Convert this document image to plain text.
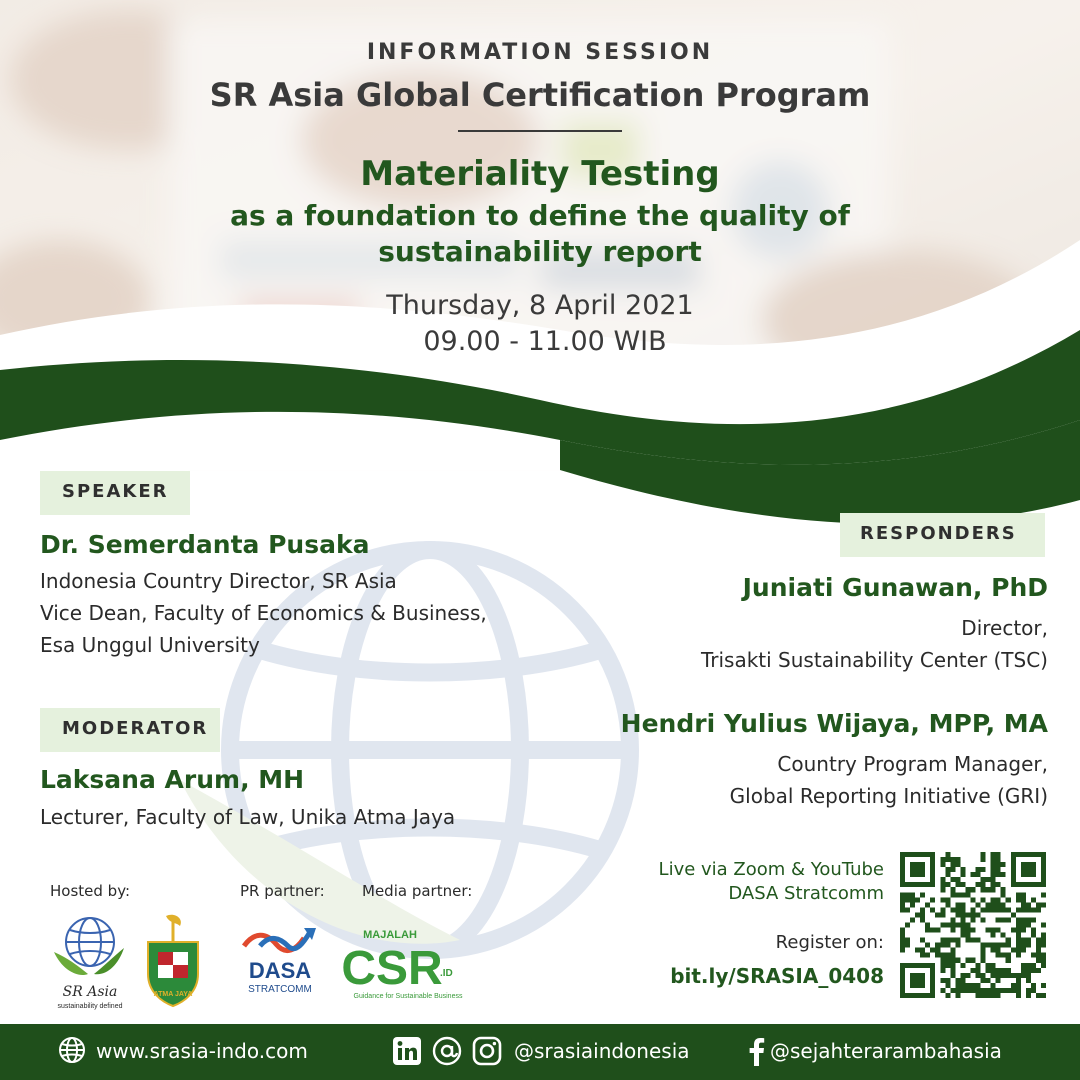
INFORMATION SESSION
SR Asia Global Certification Program
Materiality Testing
as a foundation to define the quality of
sustainability report
Thursday, 8 April 2021
09.00 - 11.00 WIB
SPEAKER
Dr. Semerdanta Pusaka
Indonesia Country Director, SR Asia
Vice Dean, Faculty of Economics & Business,
Esa Unggul University
MODERATOR
Laksana Arum, MH
Lecturer, Faculty of Law, Unika Atma Jaya
RESPONDERS
Juniati Gunawan, PhD
Director,
Trisakti Sustainability Center (TSC)
Hendri Yulius Wijaya, MPP, MA
Country Program Manager,
Global Reporting Initiative (GRI)
Hosted by:	PR partner: Media partner:
SR Asia
sustainability defined
ATMA JAYA
DASA
STRATCOMM
MAJALAH
CSR
.ID
Guidance for Sustainable Business
Live via Zoom & YouTube
DASA Stratcomm
Register on:
bit.ly/SRASIA_0408
www.srasia-indo.com	@srasiaindonesia	@sejahterarambahasia
